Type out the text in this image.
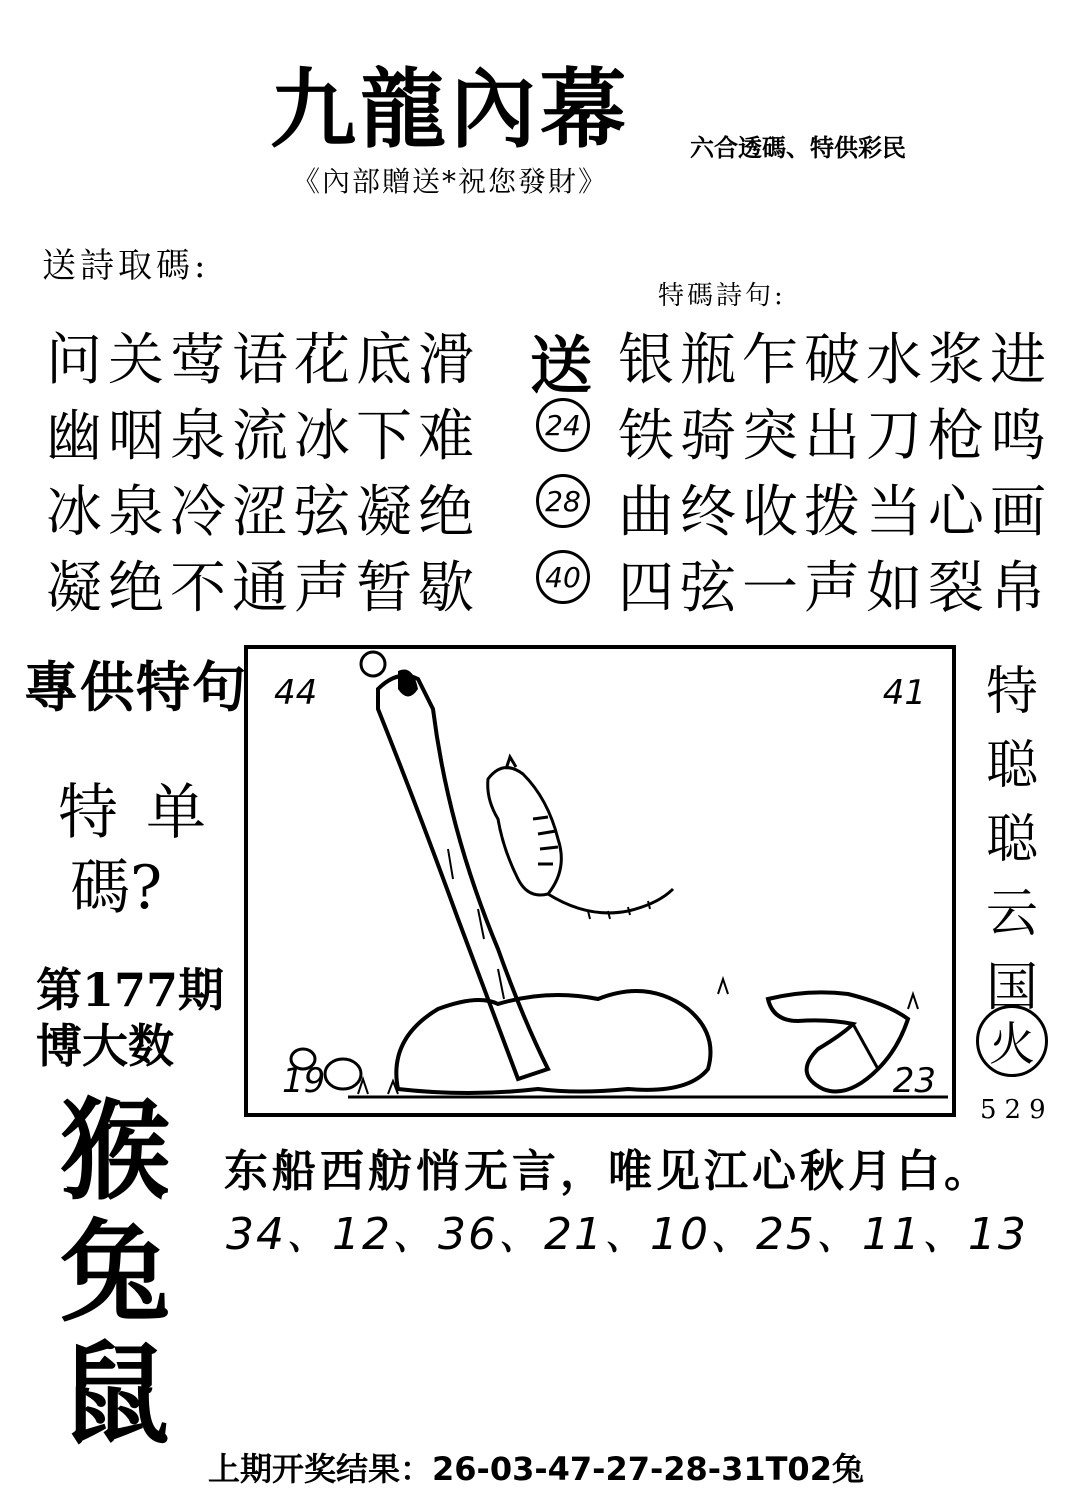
九龍內幕	六合透碼、特供彩民
《內部贈送*祝您發財》
送詩取碼:
问关莺语花底滑
幽咽泉流冰下难
冰泉冷涩弦凝绝
凝绝不通声暂歇
特碼詩句:
送 银瓶乍破水浆进
24 铁骑突出刀枪鸣
28 曲终收拨当心画
40 四弦一声如裂帛
專供特句
特单
碼?
第177期
博大数
猴
兔
鼠
44	41
19	23
特
聪
聪
云
国
火
529
东船西舫悄无言，唯见江心秋月白。
34、12、36、21、10、25、11、13
上期开奖结果：26-03-47-27-28-31T02兔
